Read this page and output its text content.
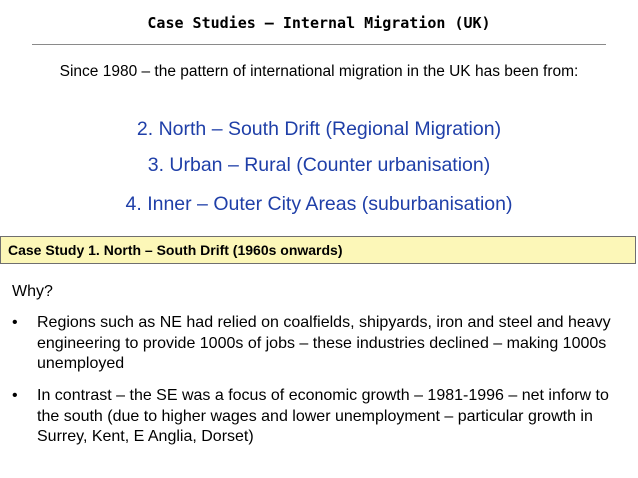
Case Studies – Internal Migration (UK)
Since 1980 – the pattern of international migration in the UK has been from:
2. North – South Drift (Regional Migration)
3. Urban – Rural (Counter urbanisation)
4. Inner – Outer City Areas (suburbanisation)
Case Study 1. North – South Drift (1960s onwards)
Why?
•	Regions such as NE had relied on coalfields, shipyards, iron and steel and heavy engineering to provide 1000s of jobs – these industries declined – making 1000s unemployed
•	In contrast – the SE was a focus of economic growth – 1981-1996 – net inforw to the south (due to higher wages and lower unemployment – particular growth in Surrey, Kent, E Anglia, Dorset)
